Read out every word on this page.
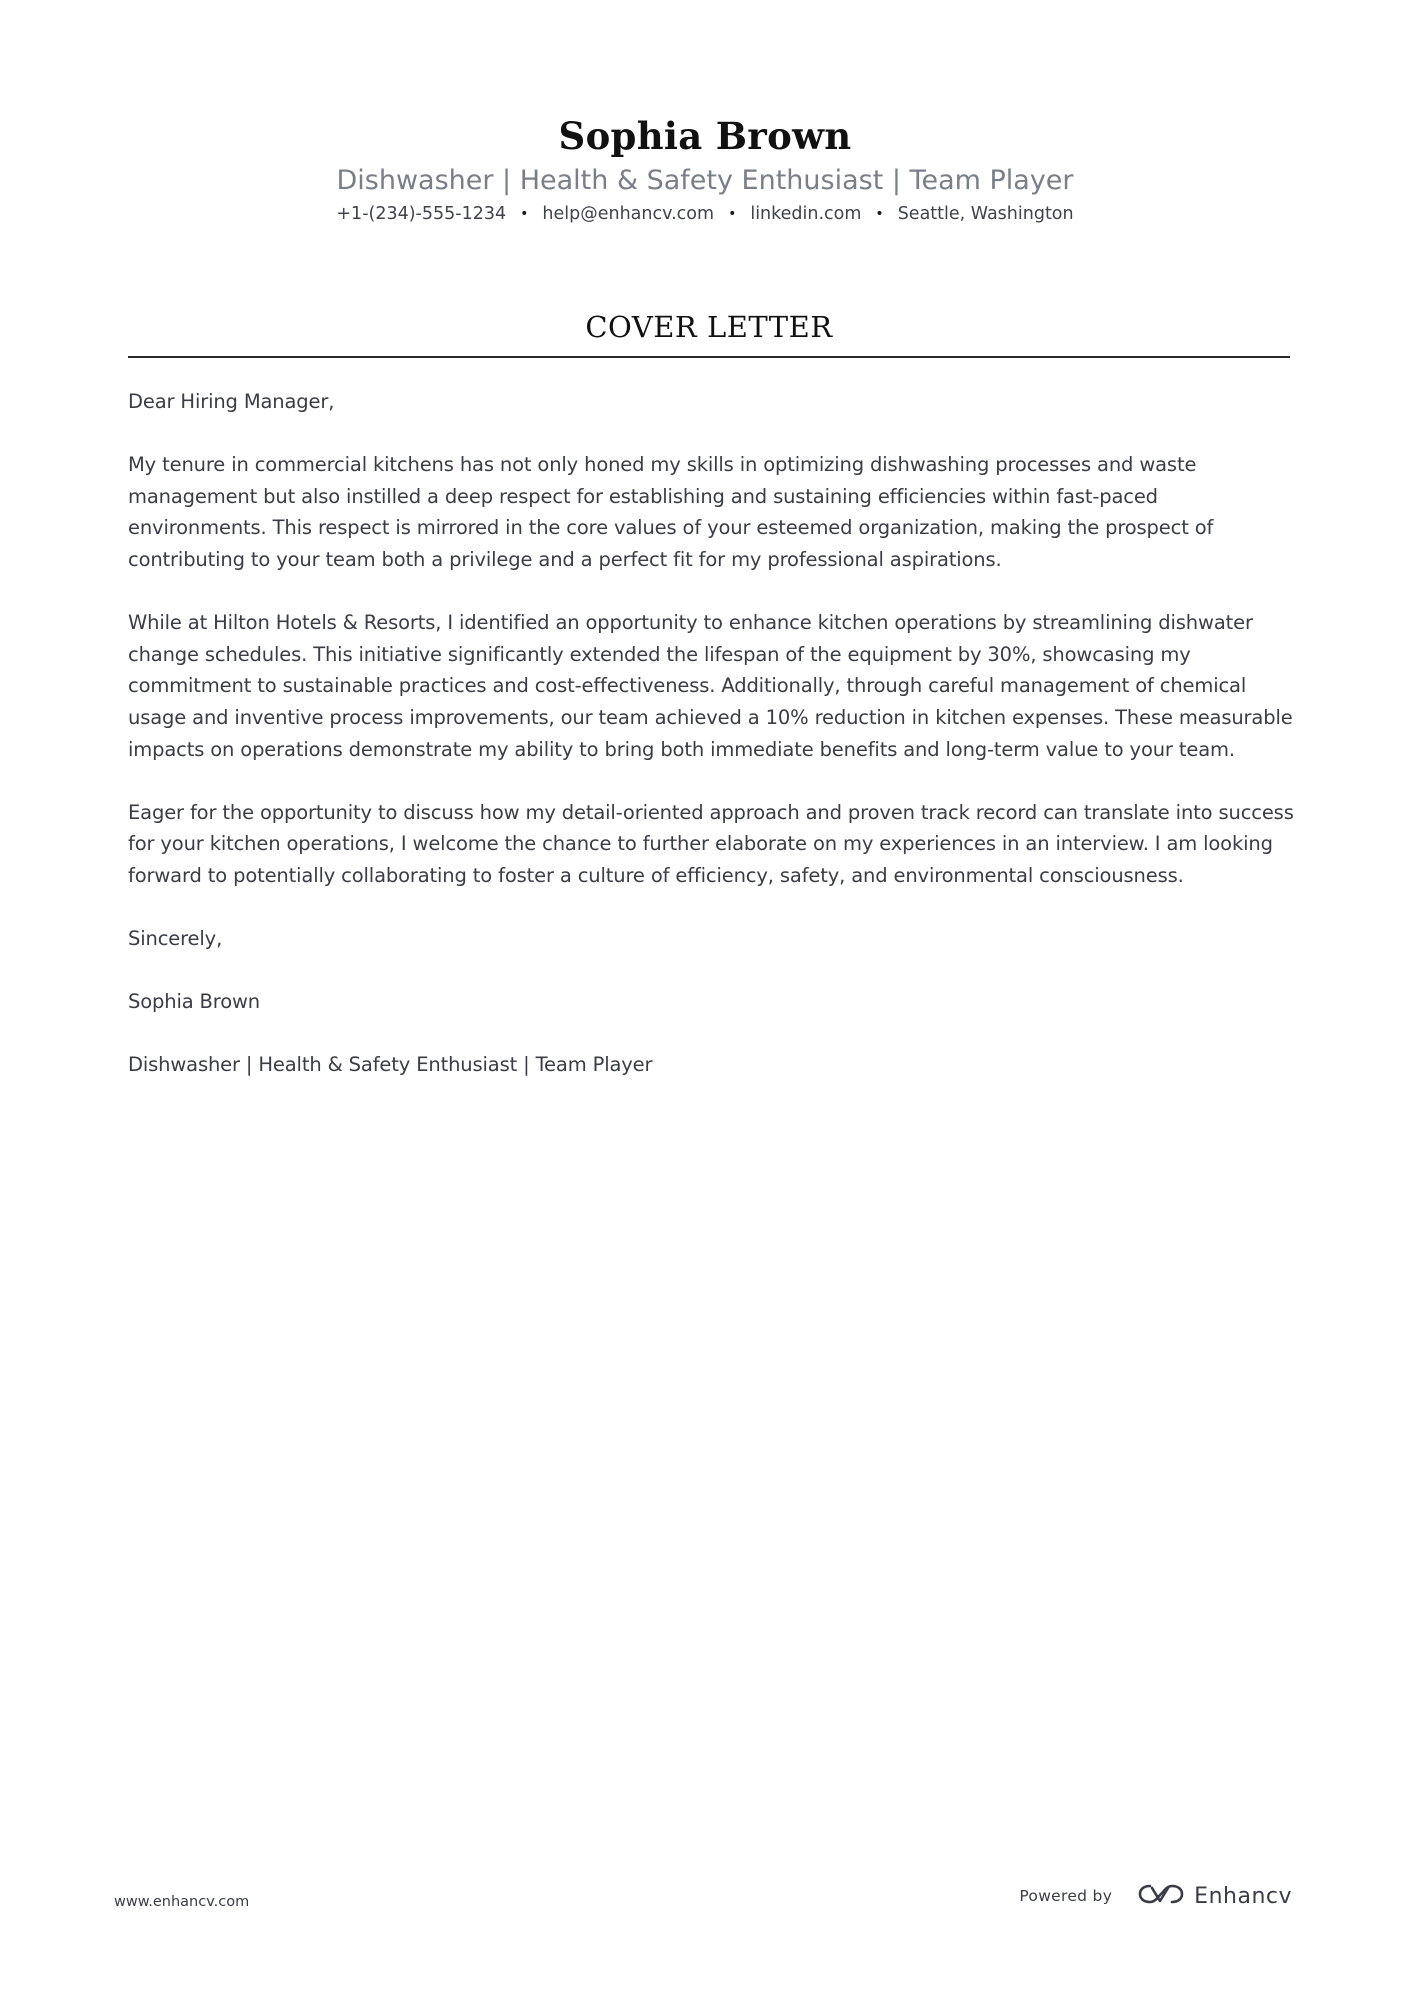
Sophia Brown
Dishwasher | Health & Safety Enthusiast | Team Player
+1-(234)-555-1234 • help@enhancv.com • linkedin.com • Seattle, Washington
COVER LETTER

Dear Hiring Manager,

My tenure in commercial kitchens has not only honed my skills in optimizing dishwashing processes and waste management but also instilled a deep respect for establishing and sustaining efficiencies within fast-paced environments. This respect is mirrored in the core values of your esteemed organization, making the prospect of contributing to your team both a privilege and a perfect fit for my professional aspirations.

While at Hilton Hotels & Resorts, I identified an opportunity to enhance kitchen operations by streamlining dishwater change schedules. This initiative significantly extended the lifespan of the equipment by 30%, showcasing my commitment to sustainable practices and cost-effectiveness. Additionally, through careful management of chemical usage and inventive process improvements, our team achieved a 10% reduction in kitchen expenses. These measurable impacts on operations demonstrate my ability to bring both immediate benefits and long-term value to your team.

Eager for the opportunity to discuss how my detail-oriented approach and proven track record can translate into success for your kitchen operations, I welcome the chance to further elaborate on my experiences in an interview. I am looking forward to potentially collaborating to foster a culture of efficiency, safety, and environmental consciousness.

Sincerely,

Sophia Brown

Dishwasher | Health & Safety Enthusiast | Team Player

www.enhancv.com	Powered by	Enhancv
